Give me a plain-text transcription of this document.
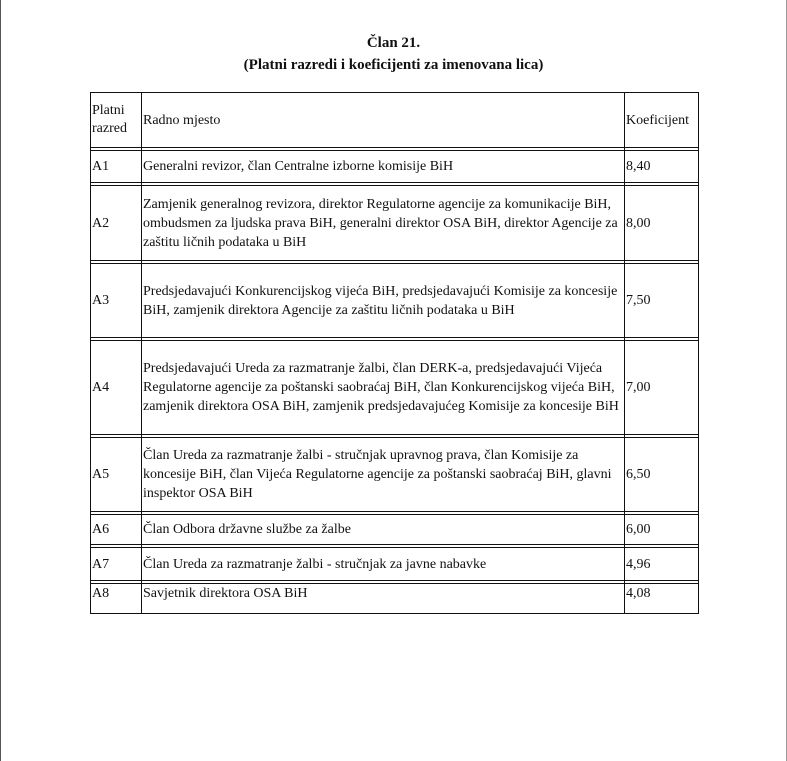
Član 21.
(Platni razredi i koeficijenti za imenovana lica)
Platni razred	Radno mjesto	Koeficijent

A1	Generalni revizor, član Centralne izborne komisije BiH	8,40

A2	Zamjenik generalnog revizora, direktor Regulatorne agencije za komunikacije BiH, ombudsmen za ljudska prava BiH, generalni direktor OSA BiH, direktor Agencije za zaštitu ličnih podataka u BiH	8,00

A3	Predsjedavajući Konkurencijskog vijeća BiH, predsjedavajući Komisije za koncesije BiH, zamjenik direktora Agencije za zaštitu ličnih podataka u BiH	7,50

A4	Predsjedavajući Ureda za razmatranje žalbi, član DERK-a, predsjedavajući Vijeća Regulatorne agencije za poštanski saobraćaj BiH, član Konkurencijskog vijeća BiH, zamjenik direktora OSA BiH, zamjenik predsjedavajućeg Komisije za koncesije BiH	7,00

A5	Član Ureda za razmatranje žalbi - stručnjak upravnog prava, član Komisije za koncesije BiH, član Vijeća Regulatorne agencije za poštanski saobraćaj BiH, glavni inspektor OSA BiH	6,50

A6	Član Odbora državne službe za žalbe	6,00

A7	Član Ureda za razmatranje žalbi - stručnjak za javne nabavke	4,96

A8	Savjetnik direktora OSA BiH	4,08
